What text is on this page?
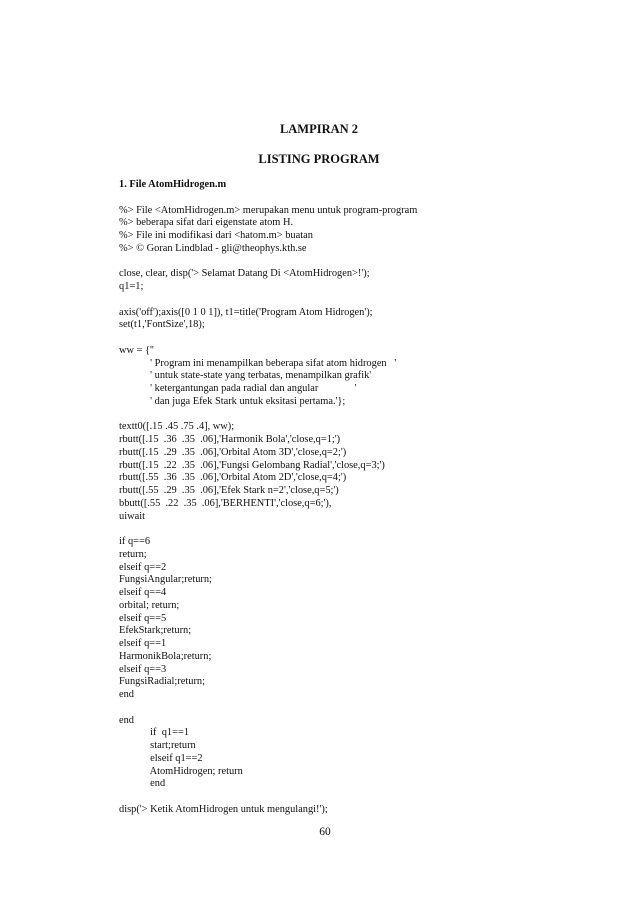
LAMPIRAN 2
LISTING PROGRAM
1. File AtomHidrogen.m
%> File <AtomHidrogen.m> merupakan menu untuk program-program
%> beberapa sifat dari eigenstate atom H.
%> File ini modifikasi dari <hatom.m> buatan
%> © Goran Lindblad - gli@theophys.kth.se
close, clear, disp('> Selamat Datang Di <AtomHidrogen>!');
q1=1;
axis('off');axis([0 1 0 1]), t1=title('Program Atom Hidrogen');
set(t1,'FontSize',18);
ww = {''
' Program ini menampilkan beberapa sifat atom hidrogen   '
' untuk state-state yang terbatas, menampilkan grafik'
' ketergantungan pada radial dan angular              '
' dan juga Efek Stark untuk eksitasi pertama.'};
textt0([.15 .45 .75 .4], ww);
rbutt([.15  .36  .35  .06],'Harmonik Bola','close,q=1;')
rbutt([.15  .29  .35  .06],'Orbital Atom 3D','close,q=2;')
rbutt([.15  .22  .35  .06],'Fungsi Gelombang Radial','close,q=3;')
rbutt([.55  .36  .35  .06],'Orbital Atom 2D','close,q=4;')
rbutt([.55  .29  .35  .06],'Efek Stark n=2','close,q=5;')
bbutt([.55  .22  .35  .06],'BERHENTI','close,q=6;'),
uiwait
if q==6
return;
elseif q==2
FungsiAngular;return;
elseif q==4
orbital; return;
elseif q==5
EfekStark;return;
elseif q==1
HarmonikBola;return;
elseif q==3
FungsiRadial;return;
end
end
if  q1==1
start;return
elseif q1==2
AtomHidrogen; return
end
disp('> Ketik AtomHidrogen untuk mengulangi!');
60
